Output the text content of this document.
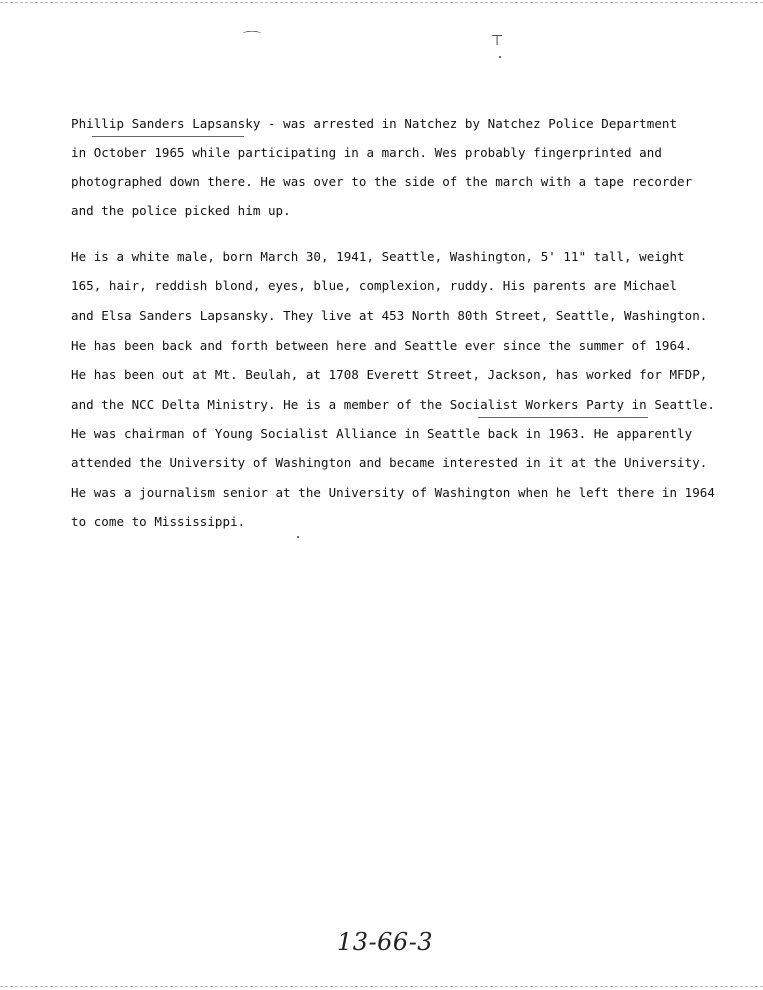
⌒	⊤
Phillip Sanders Lapsansky - was arrested in Natchez by Natchez Police Department
in October 1965 while participating in a march. Wes probably fingerprinted and
photographed down there. He was over to the side of the march with a tape recorder
and the police picked him up.
He is a white male, born March 30, 1941, Seattle, Washington, 5' 11" tall, weight
165, hair, reddish blond, eyes, blue, complexion, ruddy. His parents are Michael
and Elsa Sanders Lapsansky. They live at 453 North 80th Street, Seattle, Washington.
He has been back and forth between here and Seattle ever since the summer of 1964.
He has been out at Mt. Beulah, at 1708 Everett Street, Jackson, has worked for MFDP,
and the NCC Delta Ministry. He is a member of the Socialist Workers Party in Seattle.
He was chairman of Young Socialist Alliance in Seattle back in 1963. He apparently
attended the University of Washington and became interested in it at the University.
He was a journalism senior at the University of Washington when he left there in 1964
to come to Mississippi.
13-66-3
